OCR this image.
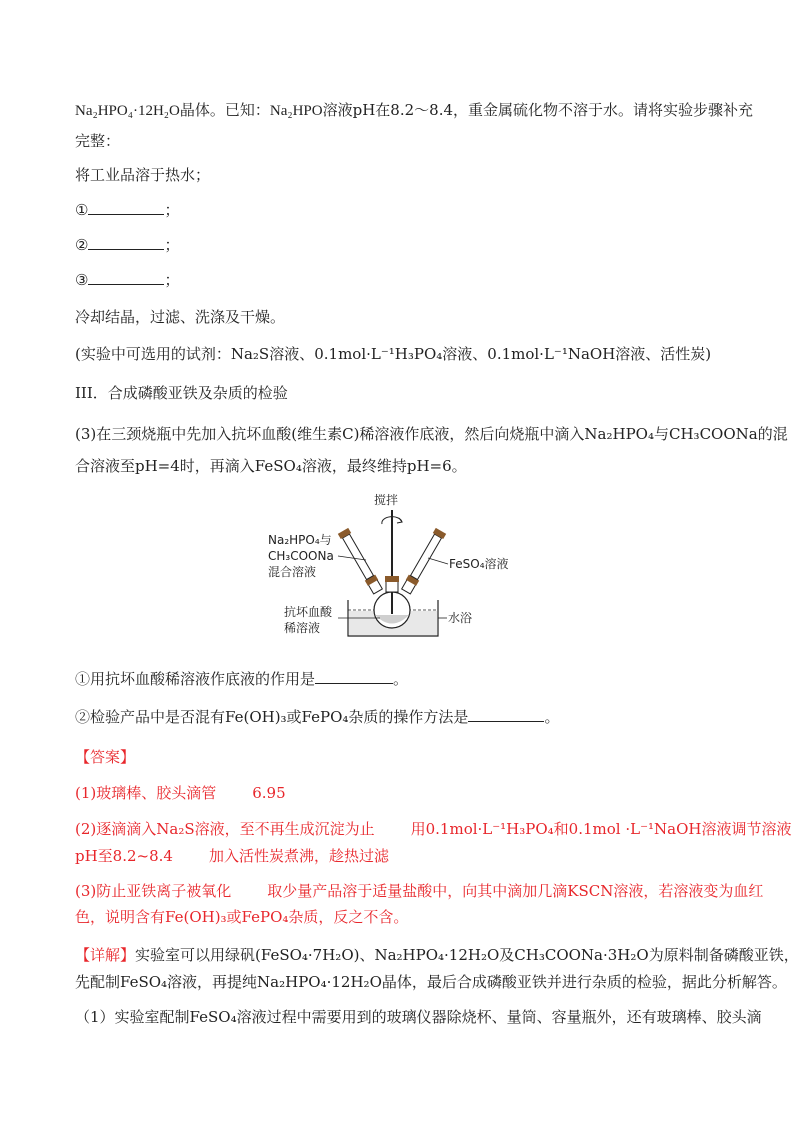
Na₂HPO₄·12H₂O晶体。已知：Na₂HPO溶液pH在8.2～8.4，重金属硫化物不溶于水。请将实验步骤补充
完整：
将工业品溶于热水；
①	；
②	；
③	；
冷却结晶，过滤、洗涤及干燥。
(实验中可选用的试剂：Na₂S溶液、0.1mol·L⁻¹H₃PO₄溶液、0.1mol·L⁻¹NaOH溶液、活性炭)
III．合成磷酸亚铁及杂质的检验
(3)在三颈烧瓶中先加入抗坏血酸(维生素C)稀溶液作底液，然后向烧瓶中滴入Na₂HPO₄与CH₃COONa的混
合溶液至pH=4时，再滴入FeSO₄溶液，最终维持pH=6。
搅拌
Na₂HPO₄与
CH₃COONa
混合溶液
FeSO₄溶液
抗坏血酸
稀溶液
水浴
①用抗坏血酸稀溶液作底液的作用是	。
②检验产品中是否混有Fe(OH)₃或FePO₄杂质的操作方法是	。
【答案】
(1)玻璃棒、胶头滴管 6.95
(2)逐滴滴入Na₂S溶液，至不再生成沉淀为止 用0.1mol·L⁻¹H₃PO₄和0.1mol ·L⁻¹NaOH溶液调节溶液
pH至8.2~8.4 加入活性炭煮沸，趁热过滤
(3)防止亚铁离子被氧化 取少量产品溶于适量盐酸中，向其中滴加几滴KSCN溶液，若溶液变为血红
色，说明含有Fe(OH)₃或FePO₄杂质，反之不含。
【详解】实验室可以用绿矾(FeSO₄·7H₂O)、Na₂HPO₄·12H₂O及CH₃COONa·3H₂O为原料制备磷酸亚铁，
先配制FeSO₄溶液，再提纯Na₂HPO₄·12H₂O晶体，最后合成磷酸亚铁并进行杂质的检验，据此分析解答。
（1）实验室配制FeSO₄溶液过程中需要用到的玻璃仪器除烧杯、量筒、容量瓶外，还有玻璃棒、胶头滴
